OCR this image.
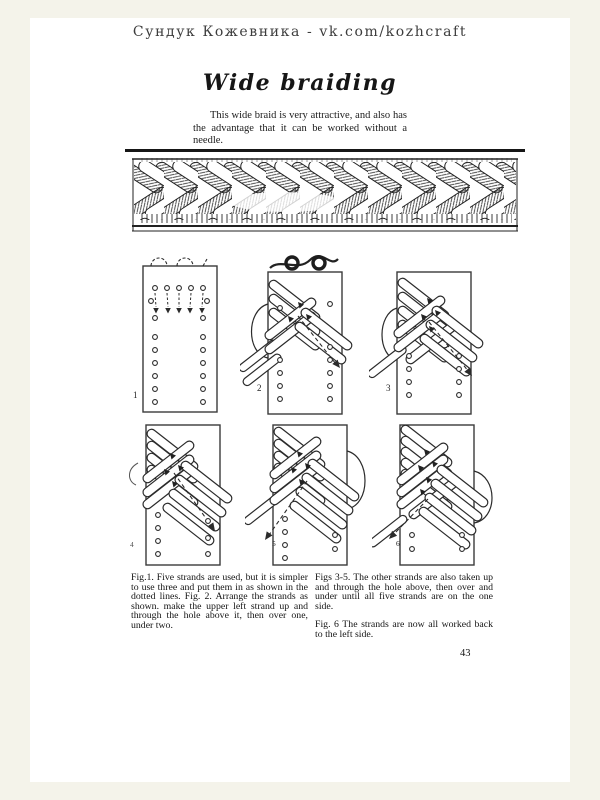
Сундук Кожевника - vk.com/kozhcraft
Wide braiding

This wide braid is very attractive, and also has the advantage that it can be worked without a needle.

1
2	3
4	5	6

Fig.1. Five strands are used, but it is simpler to use three and put them in as shown in the dotted lines. Fig. 2. Arrange the strands as shown. make the upper left strand up and through the hole above it, then over one, under two.

Figs 3-5. The other strands are also taken up and through the hole above, then over and under until all five strands are on the one side.

Fig. 6 The strands are now all worked back to the left side.

43
